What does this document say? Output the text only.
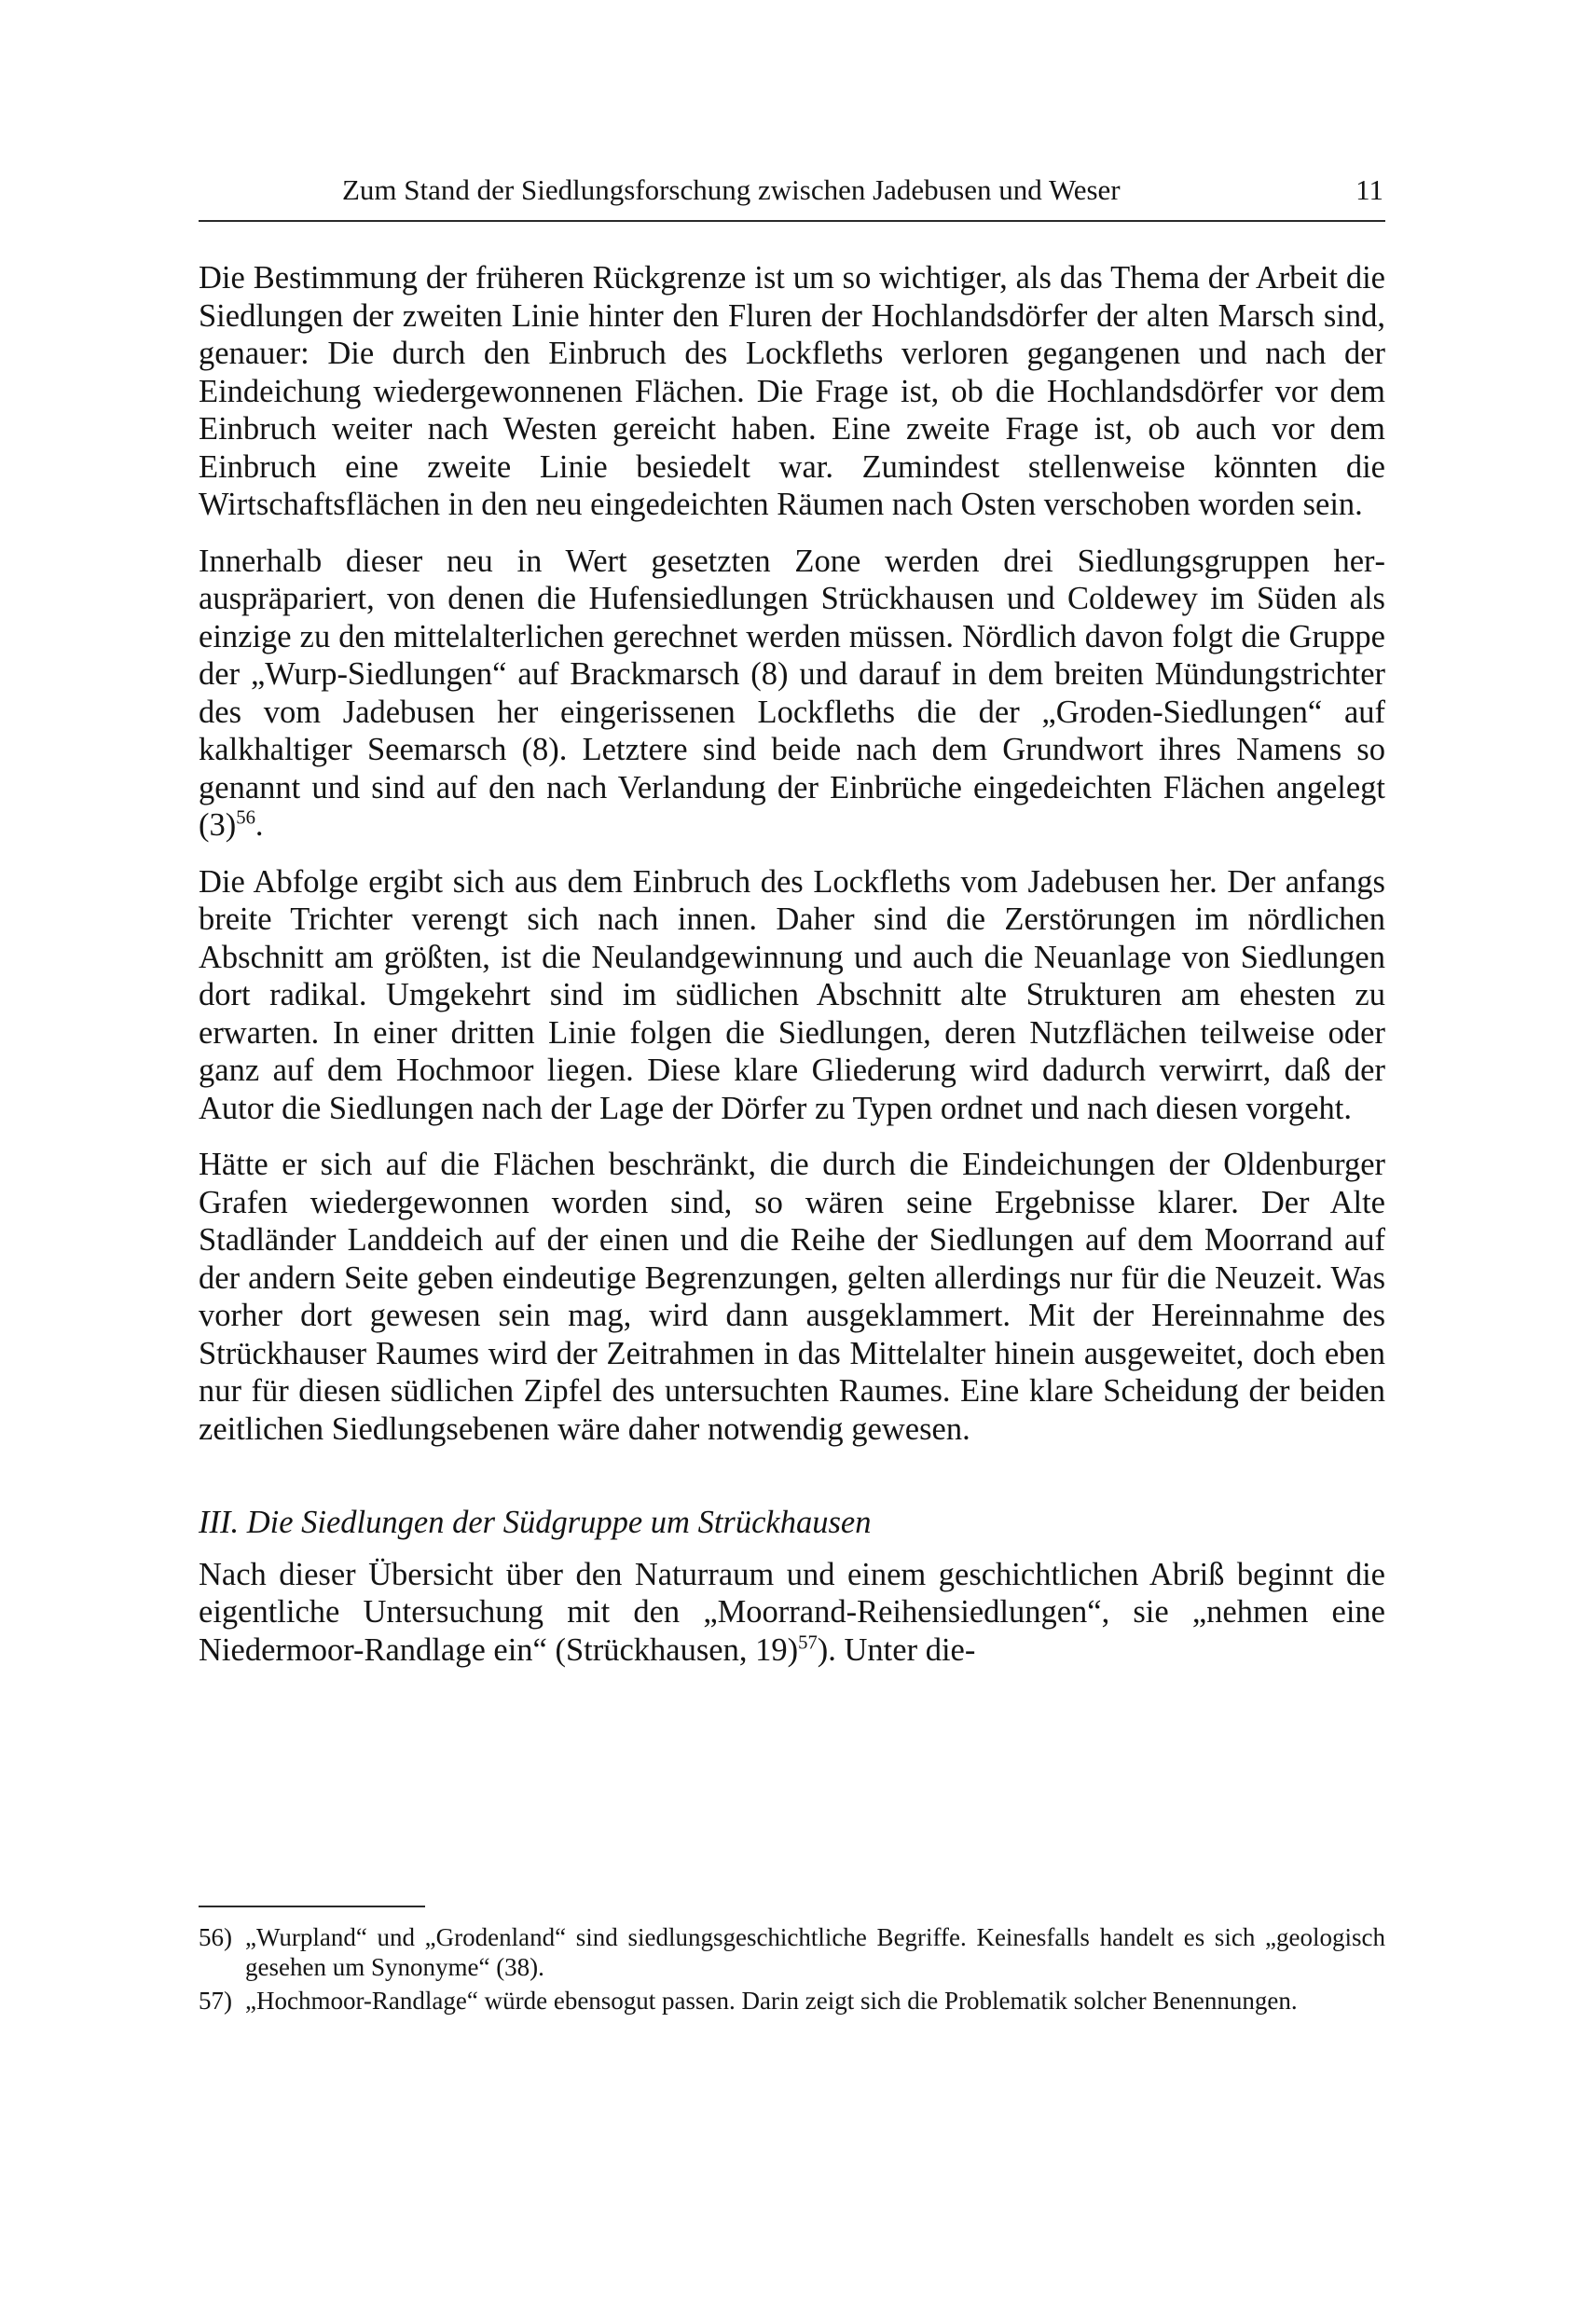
Zum Stand der Siedlungsforschung zwischen Jadebusen und Weser	11

Die Bestimmung der früheren Rückgrenze ist um so wichtiger, als das Thema der Arbeit die Siedlungen der zweiten Linie hinter den Fluren der Hochlandsdörfer der alten Marsch sind, genauer: Die durch den Einbruch des Lockfleths verloren gegangenen und nach der Eindeichung wiedergewonnenen Flächen. Die Frage ist, ob die Hochlandsdörfer vor dem Einbruch weiter nach Westen gereicht haben. Eine zweite Frage ist, ob auch vor dem Einbruch eine zweite Linie besiedelt war. Zumindest stellenweise könnten die Wirtschaftsflächen in den neu eingedeichten Räumen nach Osten verschoben worden sein.

Innerhalb dieser neu in Wert gesetzten Zone werden drei Siedlungsgruppen herauspräpariert, von denen die Hufensiedlungen Strückhausen und Coldewey im Süden als einzige zu den mittelalterlichen gerechnet werden müssen. Nördlich davon folgt die Gruppe der „Wurp-Siedlungen“ auf Brackmarsch (8) und darauf in dem breiten Mündungstrichter des vom Jadebusen her eingerissenen Lockfleths die der „Groden-Siedlungen“ auf kalkhaltiger Seemarsch (8). Letztere sind beide nach dem Grundwort ihres Namens so genannt und sind auf den nach Verlandung der Einbrüche eingedeichten Flächen angelegt $(3)^{56}$.

Die Abfolge ergibt sich aus dem Einbruch des Lockfleths vom Jadebusen her. Der anfangs breite Trichter verengt sich nach innen. Daher sind die Zerstörungen im nördlichen Abschnitt am größten, ist die Neulandgewinnung und auch die Neuanlage von Siedlungen dort radikal. Umgekehrt sind im südlichen Abschnitt alte Strukturen am ehesten zu erwarten. In einer dritten Linie folgen die Siedlungen, deren Nutzflächen teilweise oder ganz auf dem Hochmoor liegen. Diese klare Gliederung wird dadurch verwirrt, daß der Autor die Siedlungen nach der Lage der Dörfer zu Typen ordnet und nach diesen vorgeht.

Hätte er sich auf die Flächen beschränkt, die durch die Eindeichungen der Oldenburger Grafen wiedergewonnen worden sind, so wären seine Ergebnisse klarer. Der Alte Stadländer Landdeich auf der einen und die Reihe der Siedlungen auf dem Moorrand auf der andern Seite geben eindeutige Begrenzungen, gelten allerdings nur für die Neuzeit. Was vorher dort gewesen sein mag, wird dann ausgeklammert. Mit der Hereinnahme des Strückhauser Raumes wird der Zeitrahmen in das Mittelalter hinein ausgeweitet, doch eben nur für diesen südlichen Zipfel des untersuchten Raumes. Eine klare Scheidung der beiden zeitlichen Siedlungsebenen wäre daher notwendig gewesen.

III. Die Siedlungen der Südgruppe um Strückhausen

Nach dieser Übersicht über den Naturraum und einem geschichtlichen Abriß beginnt die eigentliche Untersuchung mit den „Moorrand-Reihensiedlungen“, sie „nehmen eine Niedermoor-Randlage ein“ (Strückhausen, 19)$^{57}$). Unter die-

56) „Wurpland“ und „Grodenland“ sind siedlungsgeschichtliche Begriffe. Keinesfalls handelt es sich „geologisch gesehen um Synonyme“ (38).
57) „Hochmoor-Randlage“ würde ebensogut passen. Darin zeigt sich die Problematik solcher Benennungen.
